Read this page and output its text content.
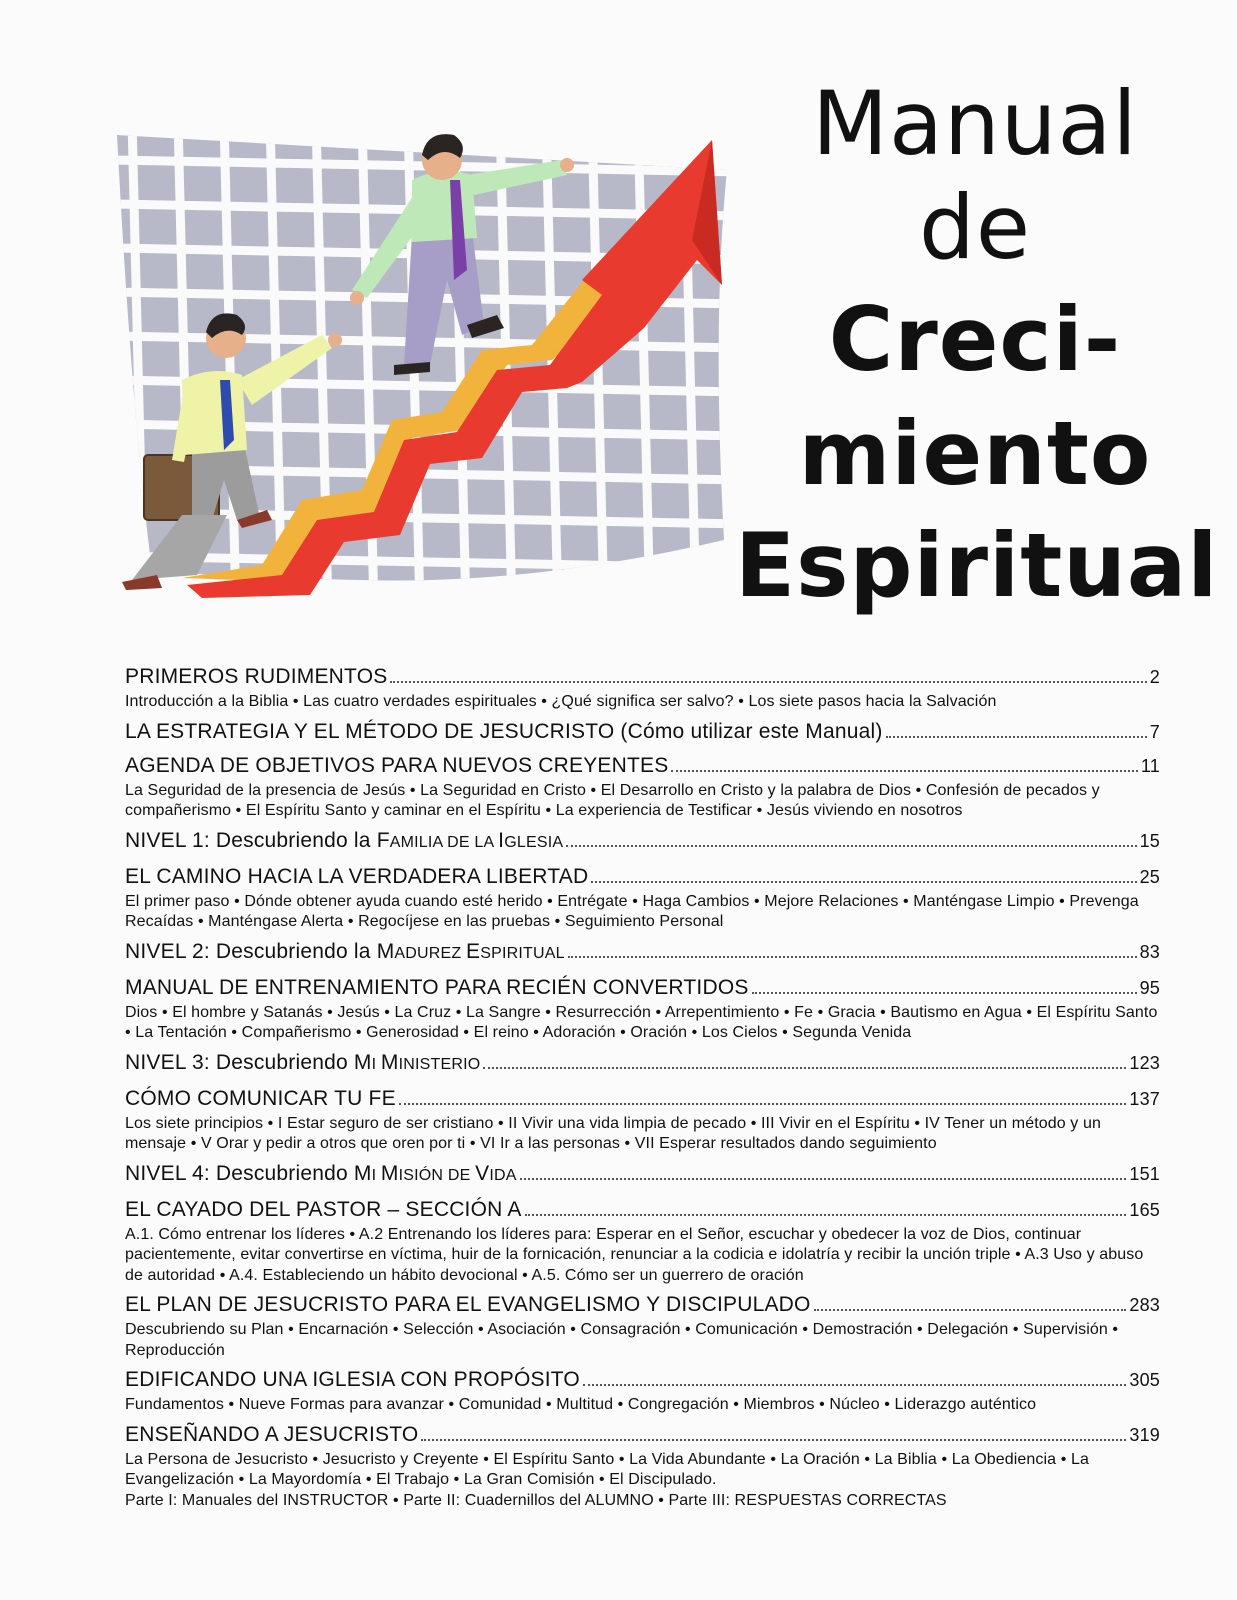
Manual
de
Creci-
miento
Espiritual
PRIMEROS RUDIMENTOS	2
Introducción a la Biblia • Las cuatro verdades espirituales • ¿Qué significa ser salvo? • Los siete pasos hacia la Salvación
LA ESTRATEGIA Y EL MÉTODO DE JESUCRISTO (Cómo utilizar este Manual)	7
AGENDA DE OBJETIVOS PARA NUEVOS CREYENTES	11
La Seguridad de la presencia de Jesús • La Seguridad en Cristo • El Desarrollo en Cristo y la palabra de Dios • Confesión de pecados y compañerismo • El Espíritu Santo y caminar en el Espíritu • La experiencia de Testificar • Jesús viviendo en nosotros
NIVEL 1: Descubriendo la FAMILIA DE LA IGLESIA	15
EL CAMINO HACIA LA VERDADERA LIBERTAD	25
El primer paso • Dónde obtener ayuda cuando esté herido • Entrégate • Haga Cambios • Mejore Relaciones • Manténgase Limpio • Prevenga Recaídas • Manténgase Alerta • Regocíjese en las pruebas • Seguimiento Personal
NIVEL 2: Descubriendo la MADUREZ ESPIRITUAL	83
MANUAL DE ENTRENAMIENTO PARA RECIÉN CONVERTIDOS	95
Dios • El hombre y Satanás • Jesús • La Cruz • La Sangre • Resurrección • Arrepentimiento • Fe • Gracia • Bautismo en Agua • El Espíritu Santo • La Tentación • Compañerismo • Generosidad • El reino • Adoración • Oración • Los Cielos • Segunda Venida
NIVEL 3: Descubriendo MI MINISTERIO	123
CÓMO COMUNICAR TU FE	137
Los siete principios • I Estar seguro de ser cristiano • II Vivir una vida limpia de pecado • III Vivir en el Espíritu • IV Tener un método y un mensaje • V Orar y pedir a otros que oren por ti • VI Ir a las personas • VII Esperar resultados dando seguimiento
NIVEL 4: Descubriendo MI MISIÓN DE VIDA	151
EL CAYADO DEL PASTOR – SECCIÓN A	165
A.1. Cómo entrenar los líderes • A.2 Entrenando los líderes para: Esperar en el Señor, escuchar y obedecer la voz de Dios, continuar pacientemente, evitar convertirse en víctima, huir de la fornicación, renunciar a la codicia e idolatría y recibir la unción triple • A.3 Uso y abuso de autoridad • A.4. Estableciendo un hábito devocional • A.5. Cómo ser un guerrero de oración
EL PLAN DE JESUCRISTO PARA EL EVANGELISMO Y DISCIPULADO	283
Descubriendo su Plan • Encarnación • Selección • Asociación • Consagración • Comunicación • Demostración • Delegación • Supervisión • Reproducción
EDIFICANDO UNA IGLESIA CON PROPÓSITO	305
Fundamentos • Nueve Formas para avanzar • Comunidad • Multitud • Congregación • Miembros • Núcleo • Liderazgo auténtico
ENSEÑANDO A JESUCRISTO	319
La Persona de Jesucristo • Jesucristo y Creyente • El Espíritu Santo • La Vida Abundante • La Oración • La Biblia • La Obediencia • La Evangelización • La Mayordomía • El Trabajo • La Gran Comisión • El Discipulado.
Parte I: Manuales del INSTRUCTOR • Parte II: Cuadernillos del ALUMNO • Parte III: RESPUESTAS CORRECTAS
